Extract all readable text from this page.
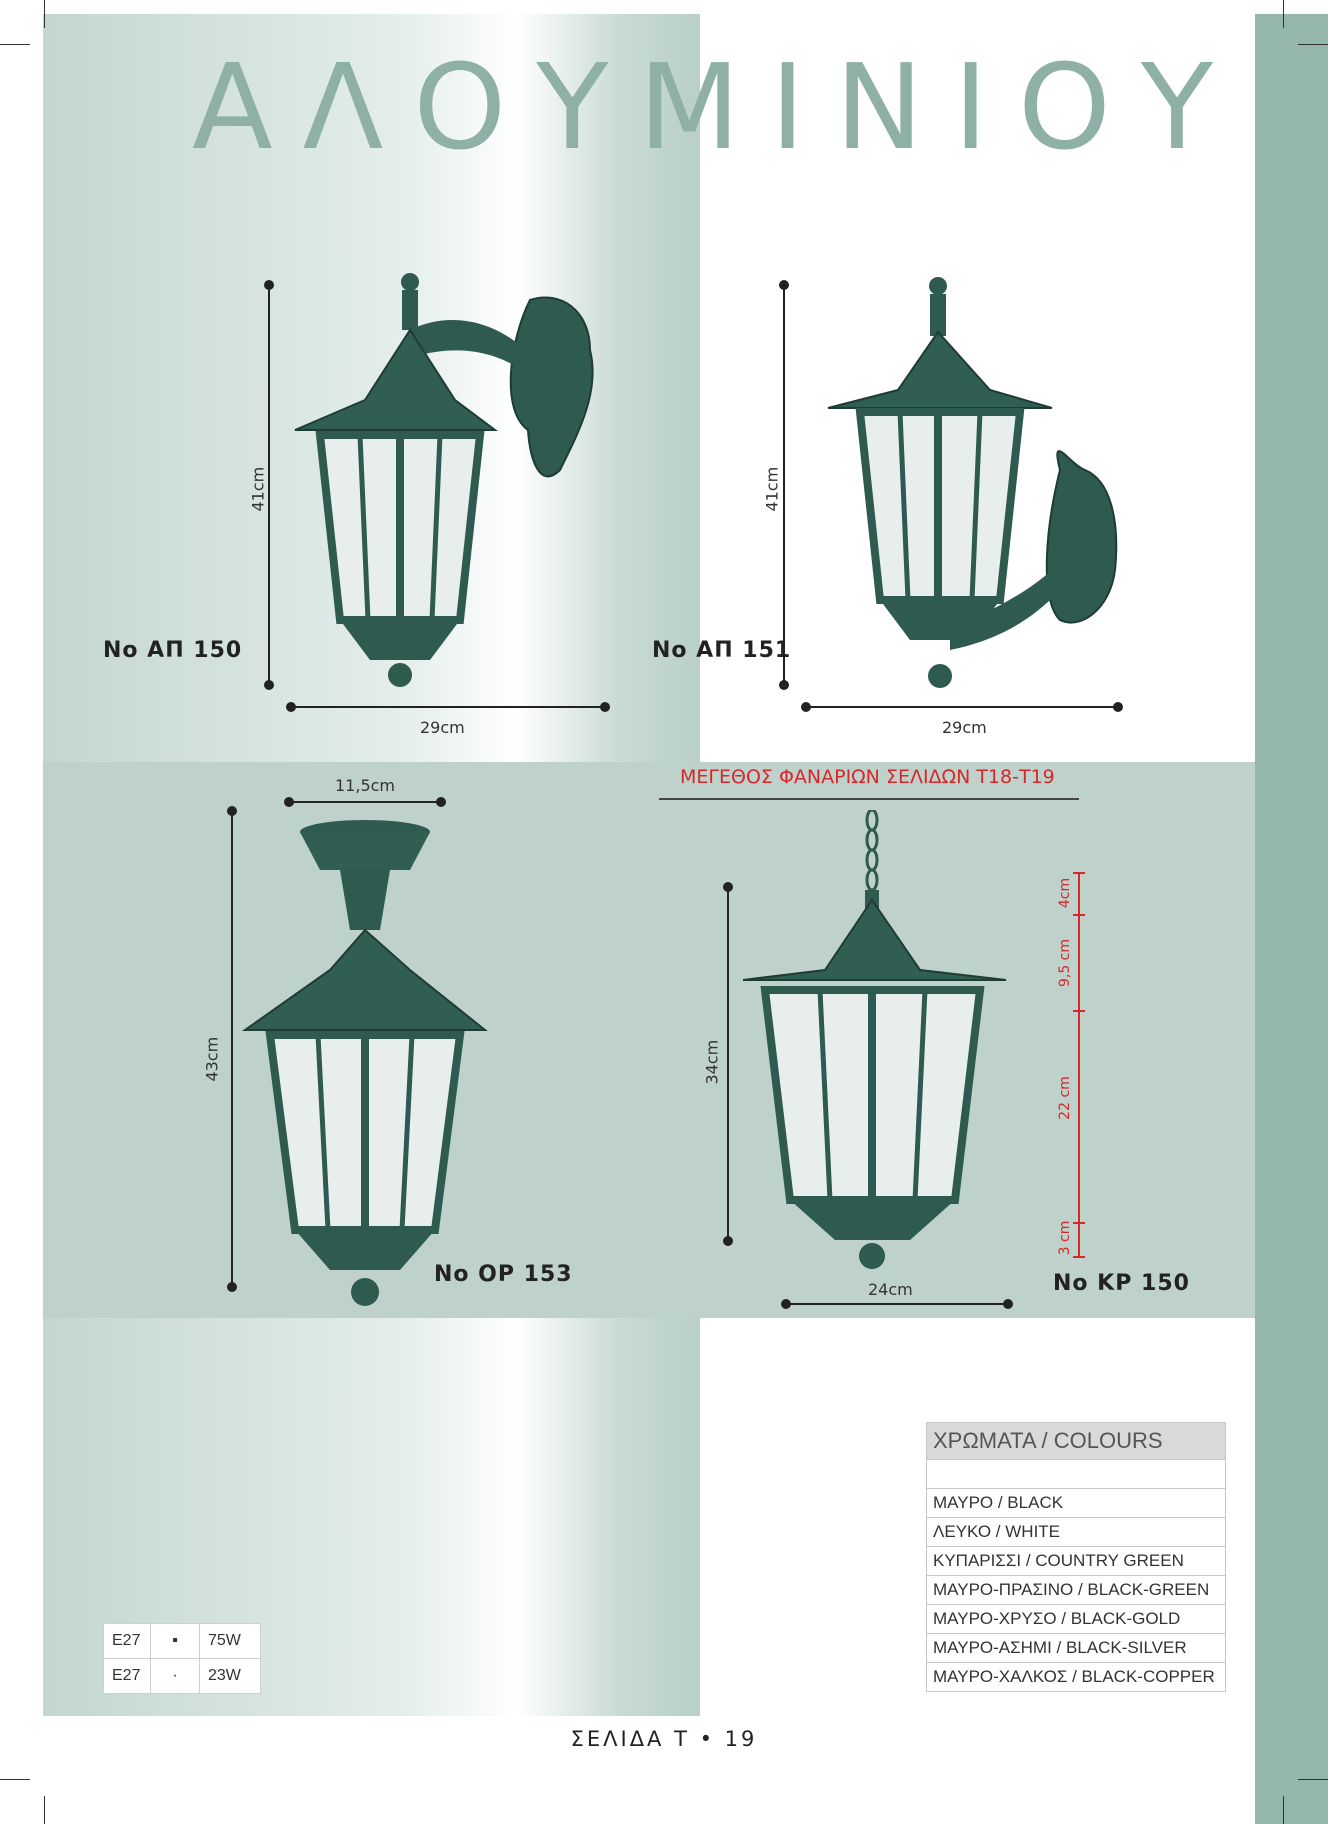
ΑΛΟΥΜΙΝΙΟΥ
41cm
29cm
No ΑΠ 150
41cm
29cm
No ΑΠ 151
43cm
11,5cm
No ΟΡ 153
ΜΕΓΕΘΟΣ ΦΑΝΑΡΙΩΝ ΣΕΛΙΔΩΝ Τ18-Τ19
34cm
24cm	No ΚΡ 150
4cm
9,5 cm
22 cm
3 cm
ΧΡΩΜΑΤΑ / COLOURS

ΜΑΥΡΟ / BLACK
ΛΕΥΚΟ / WHITE
ΚΥΠΑΡΙΣΣΙ / COUNTRY GREEN
ΜΑΥΡΟ-ΠΡΑΣΙΝΟ / BLACK-GREEN
ΜΑΥΡΟ-ΧΡΥΣΟ / BLACK-GOLD
ΜΑΥΡΟ-ΑΣΗΜΙ / BLACK-SILVER
ΜΑΥΡΟ-ΧΑΛΚΟΣ / BLACK-COPPER
E27	▪	75W
E27	·	23W
ΣΕΛΙΔΑ Τ • 19
